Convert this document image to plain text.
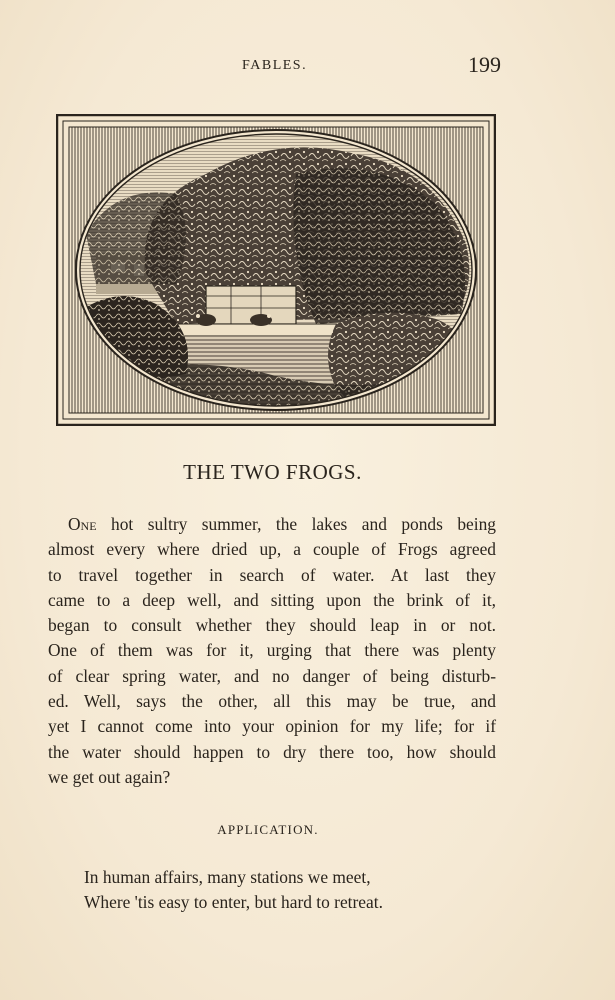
FABLES.	199
THE TWO FROGS.
One hot sultry summer, the lakes and ponds being
almost every where dried up, a couple of Frogs agreed
to travel together in search of water. At last they
came to a deep well, and sitting upon the brink of it,
began to consult whether they should leap in or not.
One of them was for it, urging that there was plenty
of clear spring water, and no danger of being disturb-
ed. Well, says the other, all this may be true, and
yet I cannot come into your opinion for my life; for if
the water should happen to dry there too, how should
we get out again?
APPLICATION.
In human affairs, many stations we meet,
Where 'tis easy to enter, but hard to retreat.
